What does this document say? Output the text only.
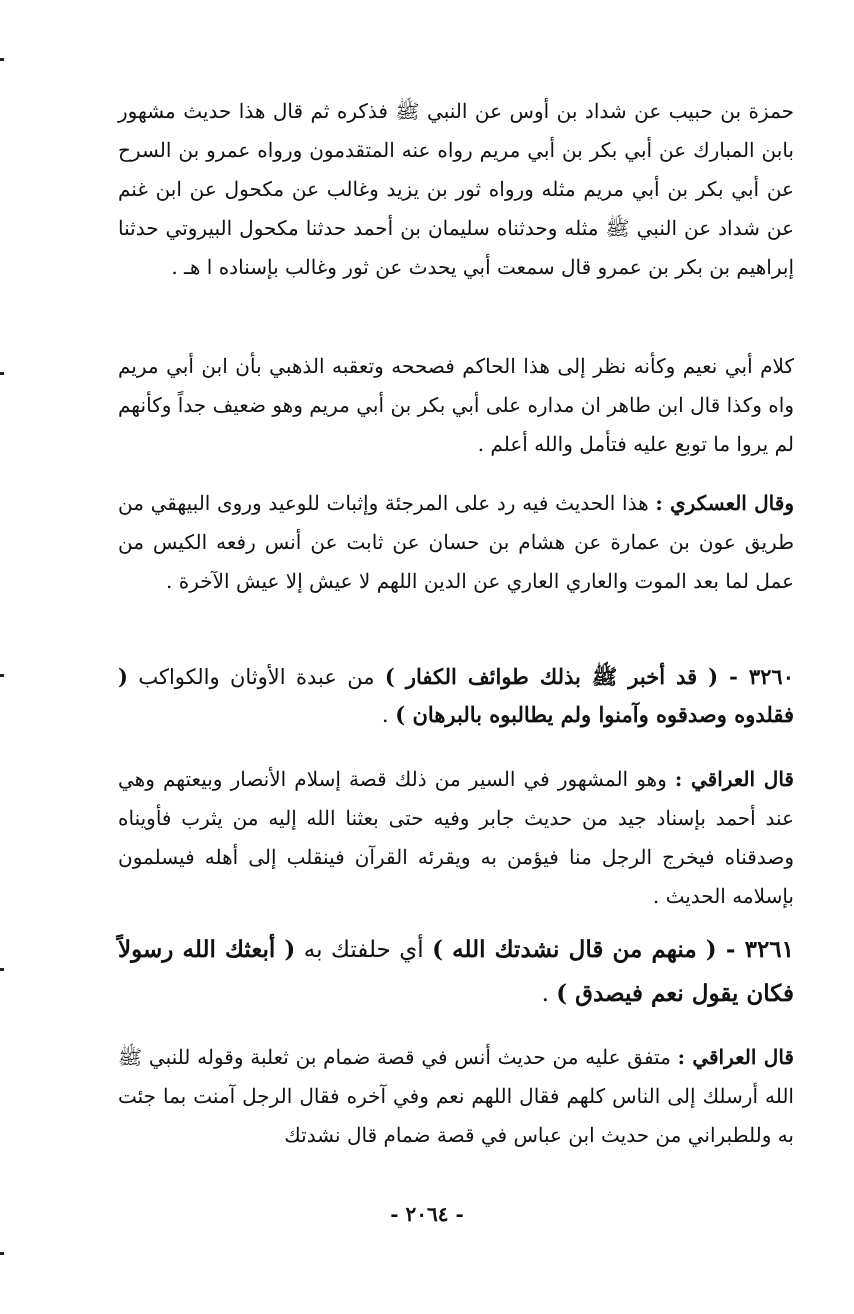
حمزة بن حبيب عن شداد بن أوس عن النبي ﷺ فذكره ثم قال هذا حديث مشهور بابن المبارك عن أبي بكر بن أبي مريم رواه عنه المتقدمون ورواه عمرو بن السرح عن أبي بكر بن أبي مريم مثله ورواه ثور بن يزيد وغالب عن مكحول عن ابن غنم عن شداد عن النبي ﷺ مثله وحدثناه سليمان بن أحمد حدثنا مكحول البيروتي حدثنا إبراهيم بن بكر بن عمرو قال سمعت أبي يحدث عن ثور وغالب بإسناده ا هـ .

كلام أبي نعيم وكأنه نظر إلى هذا الحاكم فصححه وتعقبه الذهبي بأن ابن أبي مريم واه وكذا قال ابن طاهر ان مداره على أبي بكر بن أبي مريم وهو ضعيف جداً وكأنهم لم يروا ما توبع عليه فتأمل والله أعلم .

وقال العسكري : هذا الحديث فيه رد على المرجئة وإثبات للوعيد وروى البيهقي من طريق عون بن عمارة عن هشام بن حسان عن ثابت عن أنس رفعه الكيس من عمل لما بعد الموت والعاري العاري عن الدين اللهم لا عيش إلا عيش الآخرة .

٣٢٦٠ - ( قد أخبر ﷺ بذلك طوائف الكفار ) من عبدة الأوثان والكواكب ( فقلدوه وصدقوه وآمنوا ولم يطالبوه بالبرهان ) .

قال العراقي : وهو المشهور في السير من ذلك قصة إسلام الأنصار وبيعتهم وهي عند أحمد بإسناد جيد من حديث جابر وفيه حتى بعثنا الله إليه من يثرب فأويناه وصدقناه فيخرج الرجل منا فيؤمن به ويقرئه القرآن فينقلب إلى أهله فيسلمون بإسلامه الحديث .

٣٢٦١ - ( منهم من قال نشدتك الله ) أي حلفتك به ( أبعثك الله رسولاً فكان يقول نعم فيصدق ) .

قال العراقي : متفق عليه من حديث أنس في قصة ضمام بن ثعلبة وقوله للنبي ﷺ الله أرسلك إلى الناس كلهم فقال اللهم نعم وفي آخره فقال الرجل آمنت بما جئت به وللطبراني من حديث ابن عباس في قصة ضمام قال نشدتك

- ٢٠٦٤ -
